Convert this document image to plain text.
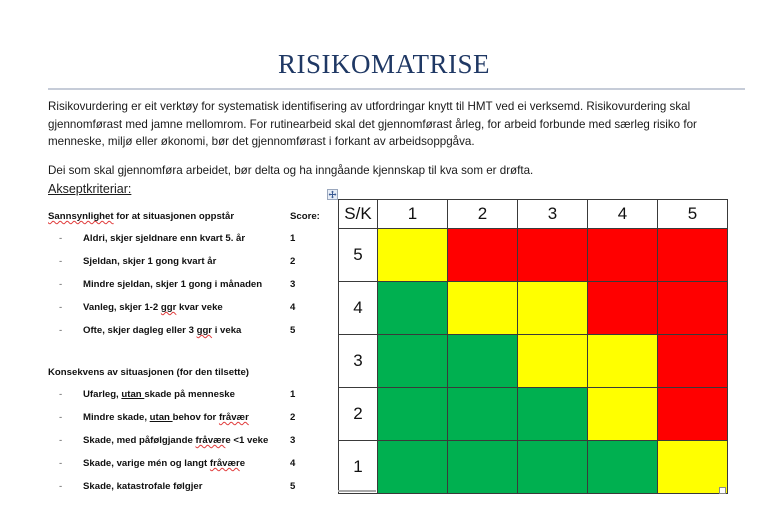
RISIKOMATRISE

Risikovurdering er eit verktøy for systematisk identifisering av utfordringar knytt til HMT ved ei verksemd. Risikovurdering skal gjennomførast med jamne mellomrom. For rutinearbeid skal det gjennomførast årleg, for arbeid forbunde med særleg risiko for menneske, miljø eller økonomi, bør det gjennomførast i forkant av arbeidsoppgåva.

Dei som skal gjennomføra arbeidet, bør delta og ha inngåande kjennskap til kva som er drøfta.

Akseptkriteriar:
Sannsynlighet for at situasjonen oppstår	Score:
- Aldri, skjer sjeldnare enn kvart 5. år	1
- Sjeldan, skjer 1 gong kvart år	2
- Mindre sjeldan, skjer 1 gong i månaden	3
- Vanleg, skjer 1-2 ggr kvar veke	4
- Ofte, skjer dagleg eller 3 ggr i veka	5
Konsekvens av situasjonen (for den tilsette)
- Ufarleg, utan skade på menneske	1
- Mindre skade, utan behov for fråvær	2
- Skade, med påfølgjande fråvære <1 veke 3
- Skade, varige mén og langt fråvære	4
- Skade, katastrofale følgjer	5
S/K	1	2	3	4	5
5					
4					
3					
2					
1					
